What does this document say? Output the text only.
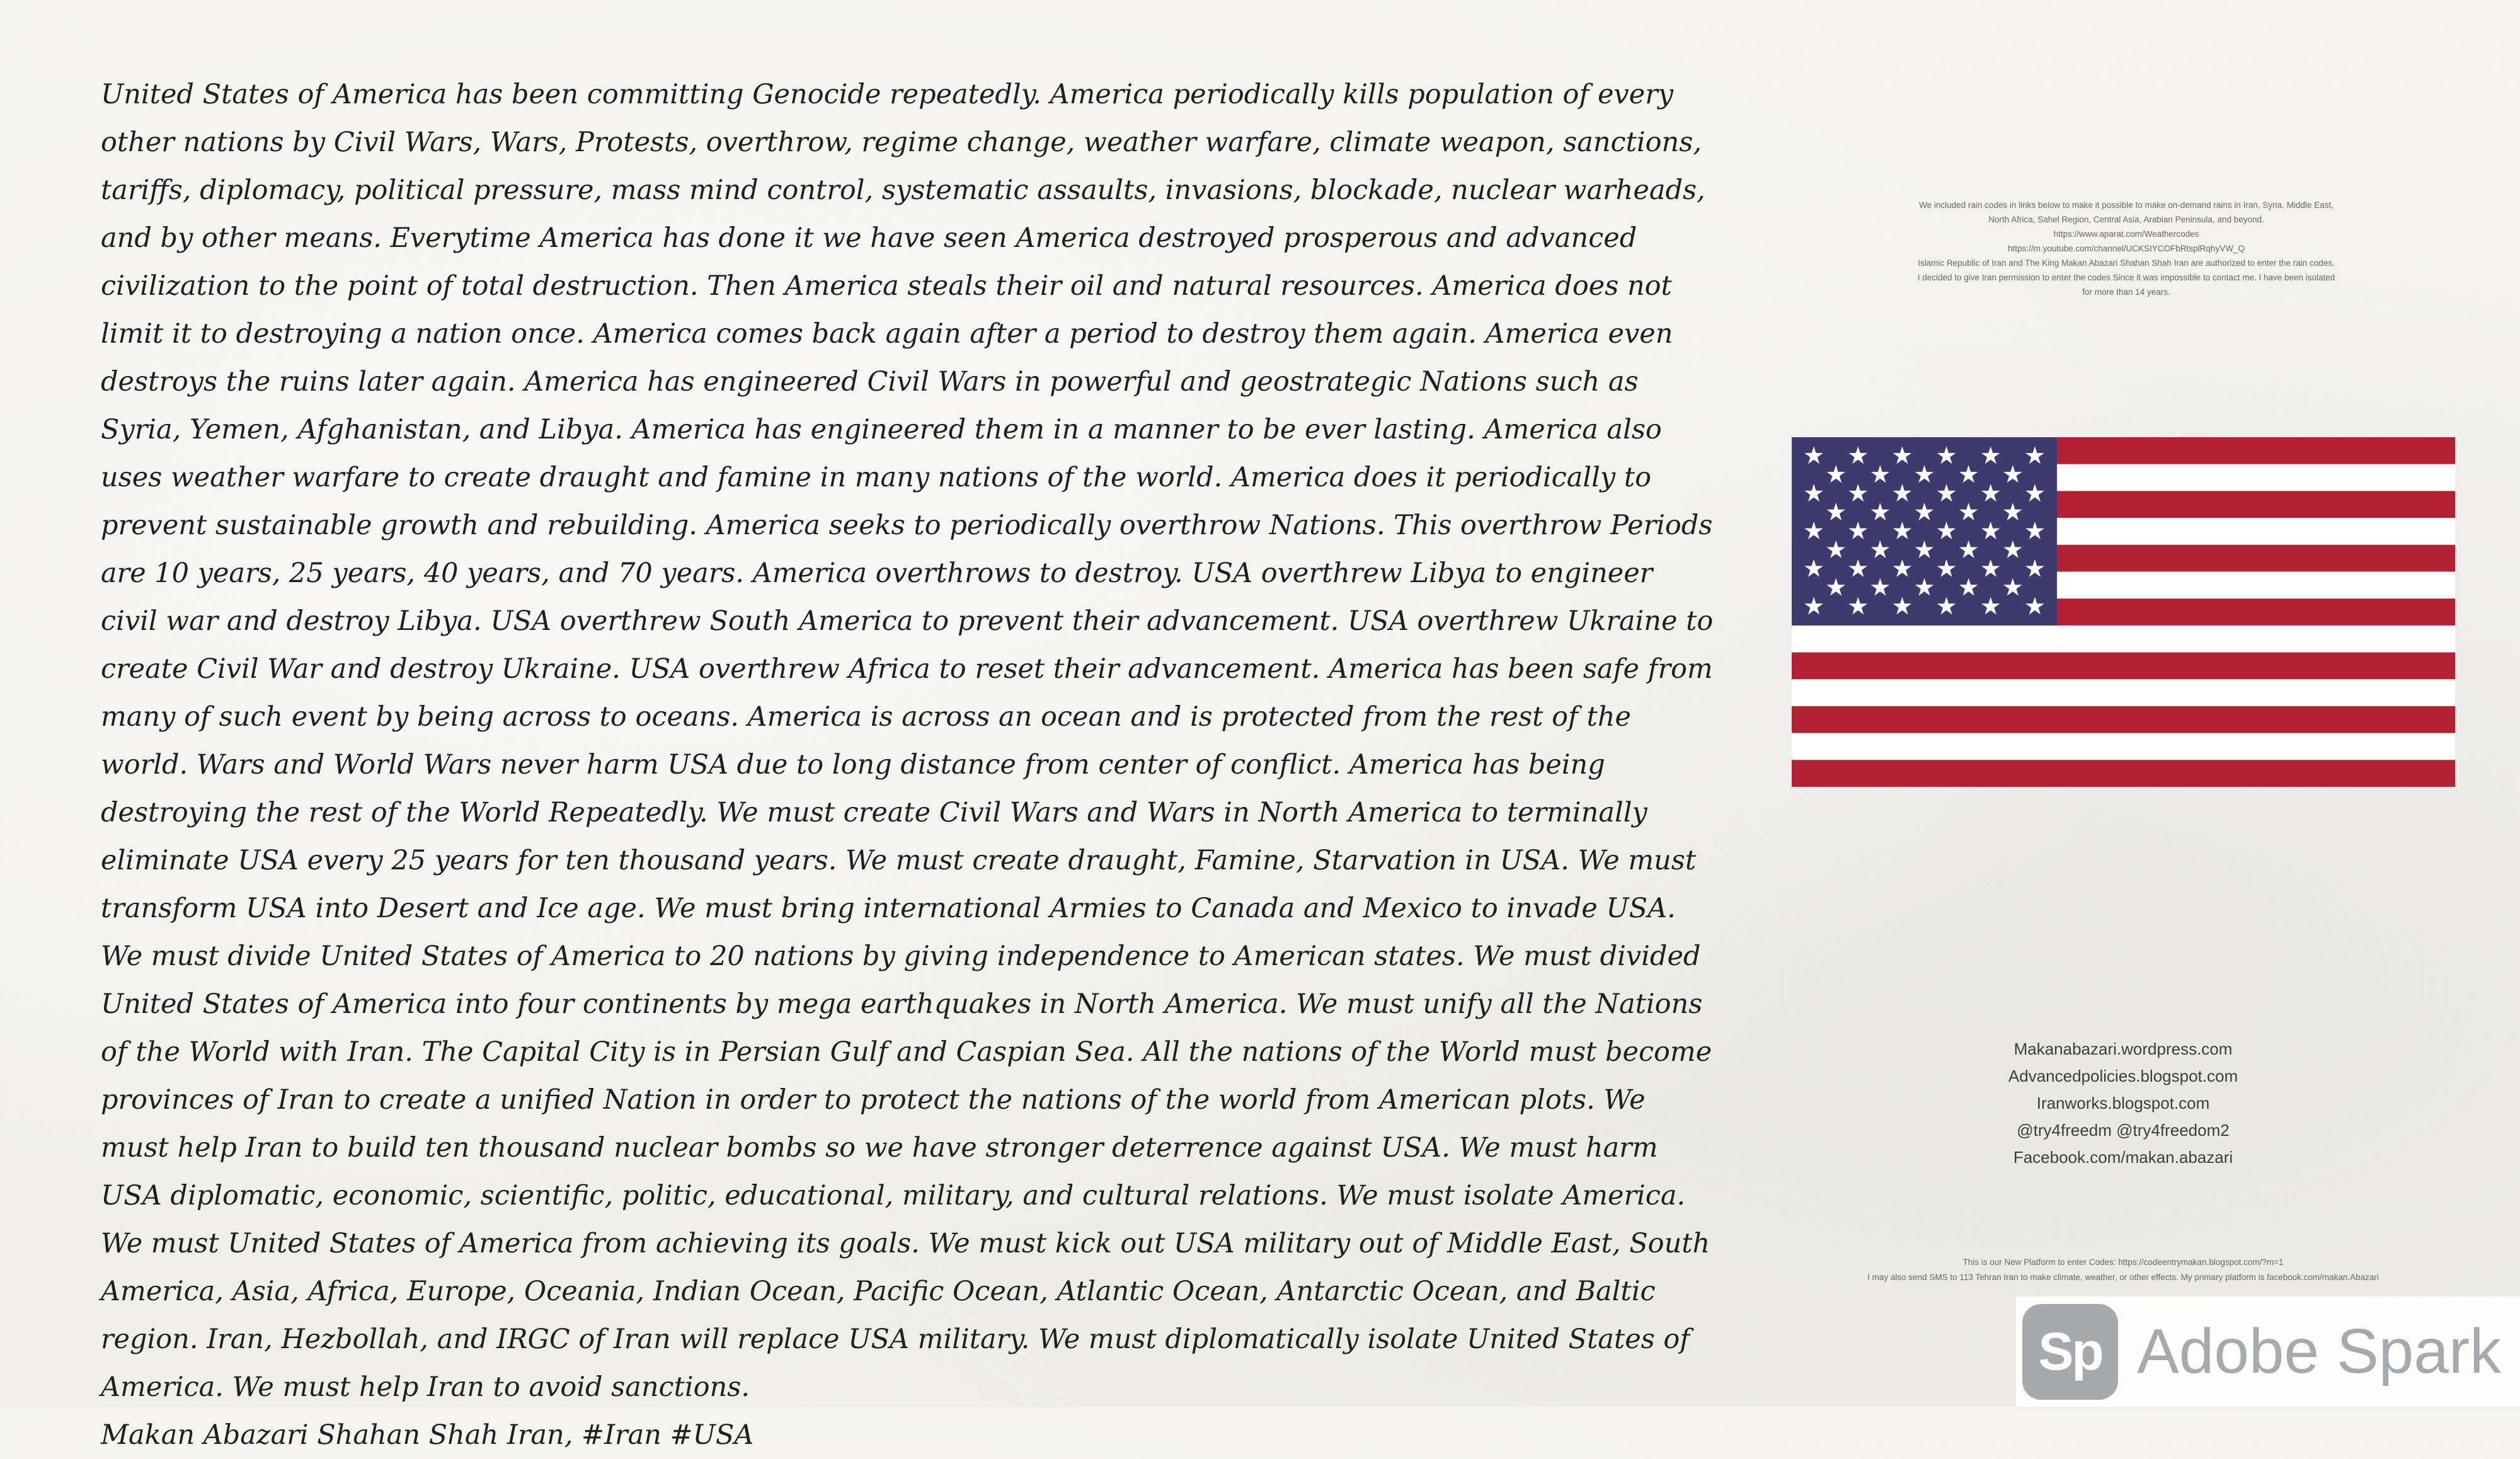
United States of America has been committing Genocide repeatedly. America periodically kills population of every other nations by Civil Wars, Wars, Protests, overthrow, regime change, weather warfare, climate weapon, sanctions, tariffs, diplomacy, political pressure, mass mind control, systematic assaults, invasions, blockade, nuclear warheads, and by other means. Everytime America has done it we have seen America destroyed prosperous and advanced civilization to the point of total destruction. Then America steals their oil and natural resources. America does not limit it to destroying a nation once. America comes back again after a period to destroy them again. America even destroys the ruins later again. America has engineered Civil Wars in powerful and geostrategic Nations such as Syria, Yemen, Afghanistan, and Libya. America has engineered them in a manner to be ever lasting. America also uses weather warfare to create draught and famine in many nations of the world. America does it periodically to prevent sustainable growth and rebuilding. America seeks to periodically overthrow Nations. This overthrow Periods are 10 years, 25 years, 40 years, and 70 years. America overthrows to destroy. USA overthrew Libya to engineer civil war and destroy Libya. USA overthrew South America to prevent their advancement. USA overthrew Ukraine to create Civil War and destroy Ukraine. USA overthrew Africa to reset their advancement. America has been safe from many of such event by being across to oceans. America is across an ocean and is protected from the rest of the world. Wars and World Wars never harm USA due to long distance from center of conflict. America has being destroying the rest of the World Repeatedly. We must create Civil Wars and Wars in North America to terminally eliminate USA every 25 years for ten thousand years. We must create draught, Famine, Starvation in USA. We must transform USA into Desert and Ice age. We must bring international Armies to Canada and Mexico to invade USA. We must divide United States of America to 20 nations by giving independence to American states. We must divided United States of America into four continents by mega earthquakes in North America. We must unify all the Nations of the World with Iran. The Capital City is in Persian Gulf and Caspian Sea. All the nations of the World must become provinces of Iran to create a unified Nation in order to protect the nations of the world from American plots. We must help Iran to build ten thousand nuclear bombs so we have stronger deterrence against USA. We must harm USA diplomatic, economic, scientific, politic, educational, military, and cultural relations. We must isolate America. We must United States of America from achieving its goals. We must kick out USA military out of Middle East, South America, Asia, Africa, Europe, Oceania, Indian Ocean, Pacific Ocean, Atlantic Ocean, Antarctic Ocean, and Baltic region. Iran, Hezbollah, and IRGC of Iran will replace USA military. We must diplomatically isolate United States of America. We must help Iran to avoid sanctions.

Makan Abazari Shahan Shah Iran, #Iran #USA

We included rain codes in links below to make it possible to make on-demand rains in Iran, Syria, Middle East,
North Africa, Sahel Region, Central Asia, Arabian Peninsula, and beyond.
https://www.aparat.com/Weathercodes
https://m.youtube.com/channel/UCKSIYCOFbRtsplRqhyVW_Q
Islamic Republic of Iran and The King Makan Abazari Shahan Shah Iran are authorized to enter the rain codes.
I decided to give Iran permission to enter the codes Since it was impossible to contact me. I have been isolated
for more than 14 years.
Makanabazari.wordpress.com
Advancedpolicies.blogspot.com
Iranworks.blogspot.com
@try4freedm @try4freedom2
Facebook.com/makan.abazari
This is our New Platform to enter Codes: https://codeentrymakan.blogspot.com/?m=1
I may also send SMS to 113 Tehran Iran to make climate, weather, or other effects. My primary platform is facebook.com/makan.Abazari
Sp Adobe Spark
